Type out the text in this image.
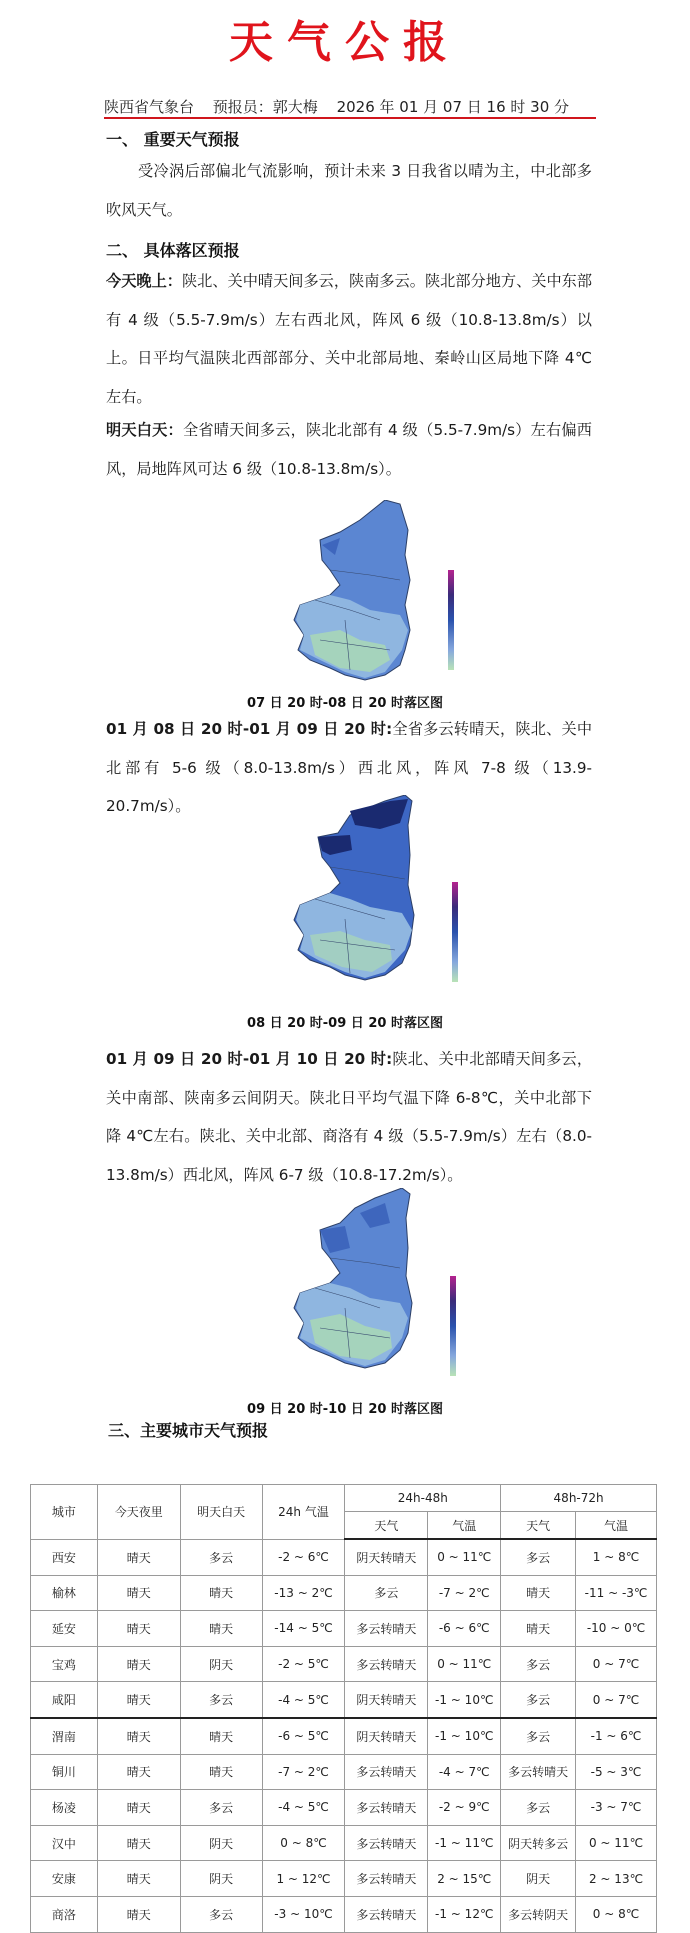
天气公报
陕西省气象台 预报员：郭大梅 2026 年 01 月 07 日 16 时 30 分
一、 重要天气预报
受冷涡后部偏北气流影响，预计未来 3 日我省以晴为主，中北部多吹风天气。
二、 具体落区预报
今天晚上：陕北、关中晴天间多云，陕南多云。陕北部分地方、关中东部有 4 级（5.5-7.9m/s）左右西北风，阵风 6 级（10.8-13.8m/s）以上。日平均气温陕北西部部分、关中北部局地、秦岭山区局地下降 4℃左右。
明天白天：全省晴天间多云，陕北北部有 4 级（5.5-7.9m/s）左右偏西风，局地阵风可达 6 级（10.8-13.8m/s）。
07 日 20 时-08 日 20 时落区图
01 月 08 日 20 时-01 月 09 日 20 时:全省多云转晴天，陕北、关中北部有 5-6 级（8.0-13.8m/s）西北风，阵风 7-8 级（13.9-20.7m/s）。
08 日 20 时-09 日 20 时落区图
01 月 09 日 20 时-01 月 10 日 20 时:陕北、关中北部晴天间多云，关中南部、陕南多云间阴天。陕北日平均气温下降 6-8℃，关中北部下降 4℃左右。陕北、关中北部、商洛有 4 级（5.5-7.9m/s）左右（8.0-13.8m/s）西北风，阵风 6-7 级（10.8-17.2m/s）。
09 日 20 时-10 日 20 时落区图
三、主要城市天气预报
城市	今天夜里	明天白天	24h 气温	24h-48h		48h-72h	
				天气	气温	天气	气温
西安	晴天	多云	-2 ~ 6℃	阴天转晴天	0 ~ 11℃	多云	1 ~ 8℃
榆林	晴天	晴天	-13 ~ 2℃	多云	-7 ~ 2℃	晴天	-11 ~ -3℃
延安	晴天	晴天	-14 ~ 5℃	多云转晴天	-6 ~ 6℃	晴天	-10 ~ 0℃
宝鸡	晴天	阴天	-2 ~ 5℃	多云转晴天	0 ~ 11℃	多云	0 ~ 7℃
咸阳	晴天	多云	-4 ~ 5℃	阴天转晴天	-1 ~ 10℃	多云	0 ~ 7℃
渭南	晴天	晴天	-6 ~ 5℃	阴天转晴天	-1 ~ 10℃	多云	-1 ~ 6℃
铜川	晴天	晴天	-7 ~ 2℃	多云转晴天	-4 ~ 7℃	多云转晴天	-5 ~ 3℃
杨凌	晴天	多云	-4 ~ 5℃	多云转晴天	-2 ~ 9℃	多云	-3 ~ 7℃
汉中	晴天	阴天	0 ~ 8℃	多云转晴天	-1 ~ 11℃	阴天转多云	0 ~ 11℃
安康	晴天	阴天	1 ~ 12℃	多云转晴天	2 ~ 15℃	阴天	2 ~ 13℃
商洛	晴天	多云	-3 ~ 10℃	多云转晴天	-1 ~ 12℃	多云转阴天	0 ~ 8℃
